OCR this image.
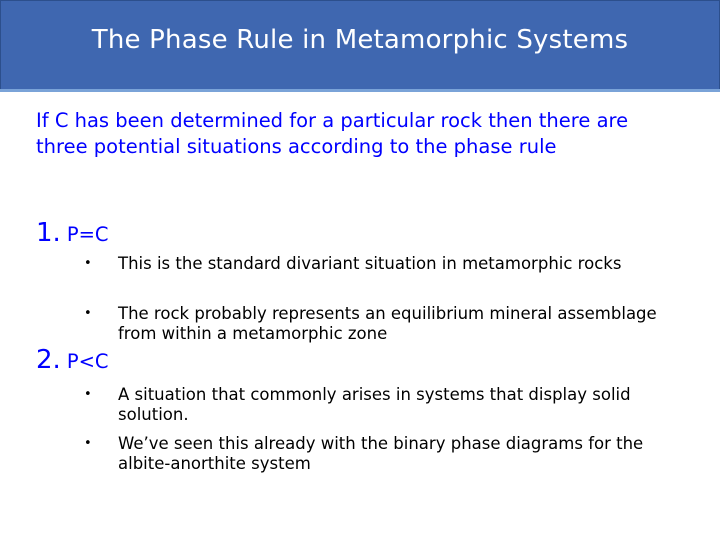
The Phase Rule in Metamorphic Systems
If C has been determined for a particular rock then there are three potential situations according to the phase rule
1. P=C
•	This is the standard divariant situation in metamorphic rocks
•	The rock probably represents an equilibrium mineral assemblage from within a metamorphic zone
2. P<C
•	A situation that commonly arises in systems that display solid solution.
•	We’ve seen this already with the binary phase diagrams for the albite-anorthite system
